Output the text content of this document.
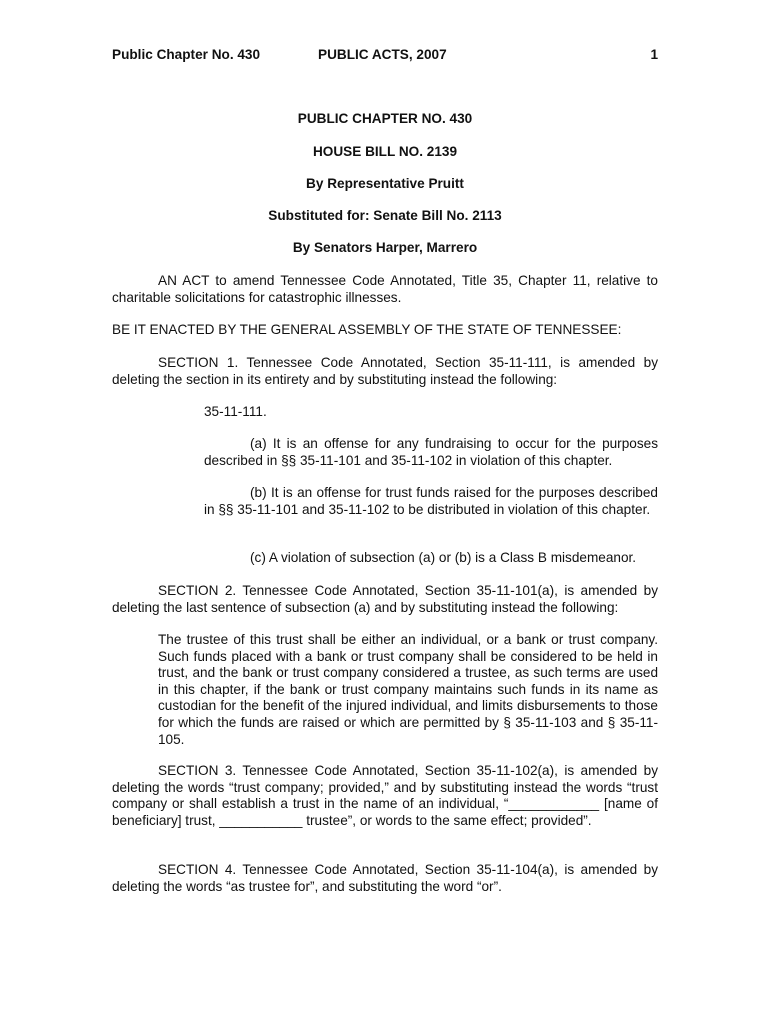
Public Chapter No. 430	PUBLIC ACTS, 2007	1
PUBLIC CHAPTER NO. 430
HOUSE BILL NO. 2139
By Representative Pruitt
Substituted for: Senate Bill No. 2113
By Senators Harper, Marrero
AN ACT to amend Tennessee Code Annotated, Title 35, Chapter 11, relative to charitable solicitations for catastrophic illnesses.
BE IT ENACTED BY THE GENERAL ASSEMBLY OF THE STATE OF TENNESSEE:
SECTION 1. Tennessee Code Annotated, Section 35-11-111, is amended by deleting the section in its entirety and by substituting instead the following:
35-11-111.
(a) It is an offense for any fundraising to occur for the purposes described in §§ 35-11-101 and 35-11-102 in violation of this chapter.
(b) It is an offense for trust funds raised for the purposes described in §§ 35-11-101 and 35-11-102 to be distributed in violation of this chapter.
(c) A violation of subsection (a) or (b) is a Class B misdemeanor.
SECTION 2. Tennessee Code Annotated, Section 35-11-101(a), is amended by deleting the last sentence of subsection (a) and by substituting instead the following:
The trustee of this trust shall be either an individual, or a bank or trust company. Such funds placed with a bank or trust company shall be considered to be held in trust, and the bank or trust company considered a trustee, as such terms are used in this chapter, if the bank or trust company maintains such funds in its name as custodian for the benefit of the injured individual, and limits disbursements to those for which the funds are raised or which are permitted by § 35-11-103 and § 35-11-105.
SECTION 3. Tennessee Code Annotated, Section 35-11-102(a), is amended by deleting the words “trust company; provided,” and by substituting instead the words “trust company or shall establish a trust in the name of an individual, “____________ [name of beneficiary] trust, ___________ trustee”, or words to the same effect; provided”.
SECTION 4. Tennessee Code Annotated, Section 35-11-104(a), is amended by deleting the words “as trustee for”, and substituting the word “or”.
